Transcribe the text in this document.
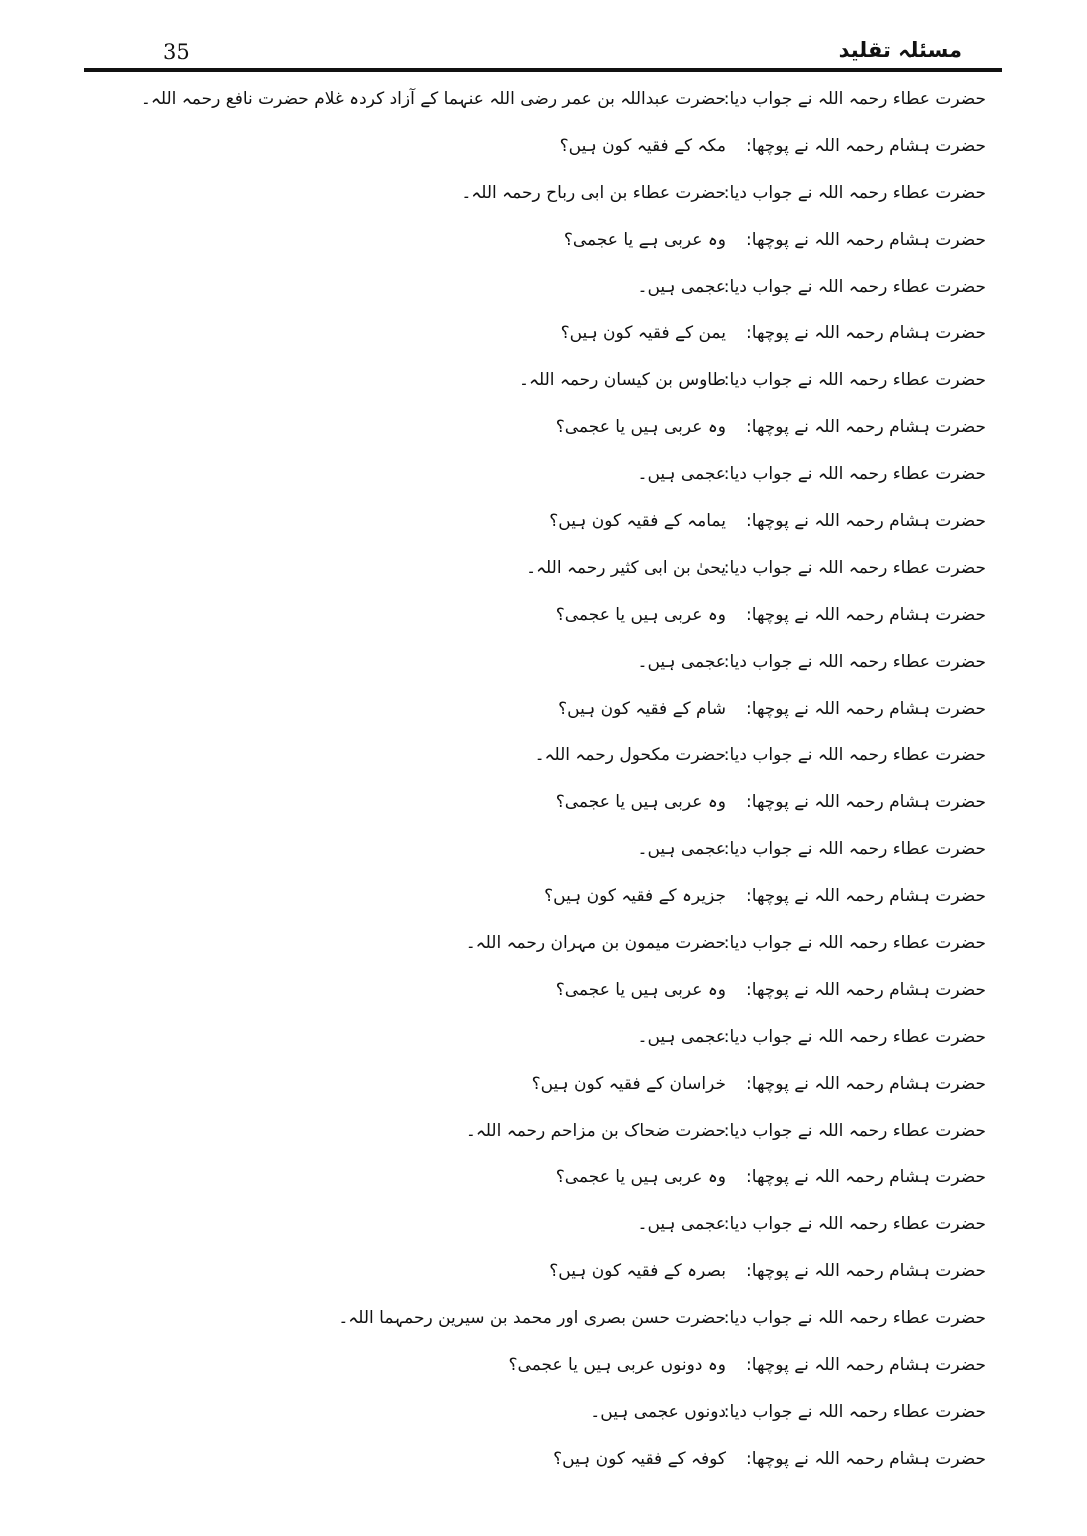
35	مسئلہ تقلید
حضرت عطاء رحمہ اللہ نے جواب دیا:
حضرت عبداللہ بن عمر رضی اللہ عنہما کے آزاد کردہ غلام حضرت نافع رحمہ اللہ۔
حضرت ہشام رحمہ اللہ نے پوچھا:
مکہ کے فقیہ کون ہیں؟
حضرت عطاء رحمہ اللہ نے جواب دیا:
حضرت عطاء بن ابی رباح رحمہ اللہ۔
حضرت ہشام رحمہ اللہ نے پوچھا:
وہ عربی ہے یا عجمی؟
حضرت عطاء رحمہ اللہ نے جواب دیا:
عجمی ہیں۔
حضرت ہشام رحمہ اللہ نے پوچھا:
یمن کے فقیہ کون ہیں؟
حضرت عطاء رحمہ اللہ نے جواب دیا:
طاوس بن کیسان رحمہ اللہ۔
حضرت ہشام رحمہ اللہ نے پوچھا:
وہ عربی ہیں یا عجمی؟
حضرت عطاء رحمہ اللہ نے جواب دیا:
عجمی ہیں۔
حضرت ہشام رحمہ اللہ نے پوچھا:
یمامہ کے فقیہ کون ہیں؟
حضرت عطاء رحمہ اللہ نے جواب دیا:
یحیٰ بن ابی کثیر رحمہ اللہ۔
حضرت ہشام رحمہ اللہ نے پوچھا:
وہ عربی ہیں یا عجمی؟
حضرت عطاء رحمہ اللہ نے جواب دیا:
عجمی ہیں۔
حضرت ہشام رحمہ اللہ نے پوچھا:
شام کے فقیہ کون ہیں؟
حضرت عطاء رحمہ اللہ نے جواب دیا:
حضرت مکحول رحمہ اللہ۔
حضرت ہشام رحمہ اللہ نے پوچھا:
وہ عربی ہیں یا عجمی؟
حضرت عطاء رحمہ اللہ نے جواب دیا:
عجمی ہیں۔
حضرت ہشام رحمہ اللہ نے پوچھا:
جزیرہ کے فقیہ کون ہیں؟
حضرت عطاء رحمہ اللہ نے جواب دیا:
حضرت میمون بن مہران رحمہ اللہ۔
حضرت ہشام رحمہ اللہ نے پوچھا:
وہ عربی ہیں یا عجمی؟
حضرت عطاء رحمہ اللہ نے جواب دیا:
عجمی ہیں۔
حضرت ہشام رحمہ اللہ نے پوچھا:
خراسان کے فقیہ کون ہیں؟
حضرت عطاء رحمہ اللہ نے جواب دیا:
حضرت ضحاک بن مزاحم رحمہ اللہ۔
حضرت ہشام رحمہ اللہ نے پوچھا:
وہ عربی ہیں یا عجمی؟
حضرت عطاء رحمہ اللہ نے جواب دیا:
عجمی ہیں۔
حضرت ہشام رحمہ اللہ نے پوچھا:
بصرہ کے فقیہ کون ہیں؟
حضرت عطاء رحمہ اللہ نے جواب دیا:
حضرت حسن بصری اور محمد بن سیرین رحمہما اللہ۔
حضرت ہشام رحمہ اللہ نے پوچھا:
وہ دونوں عربی ہیں یا عجمی؟
حضرت عطاء رحمہ اللہ نے جواب دیا:
دونوں عجمی ہیں۔
حضرت ہشام رحمہ اللہ نے پوچھا:
کوفہ کے فقیہ کون ہیں؟
